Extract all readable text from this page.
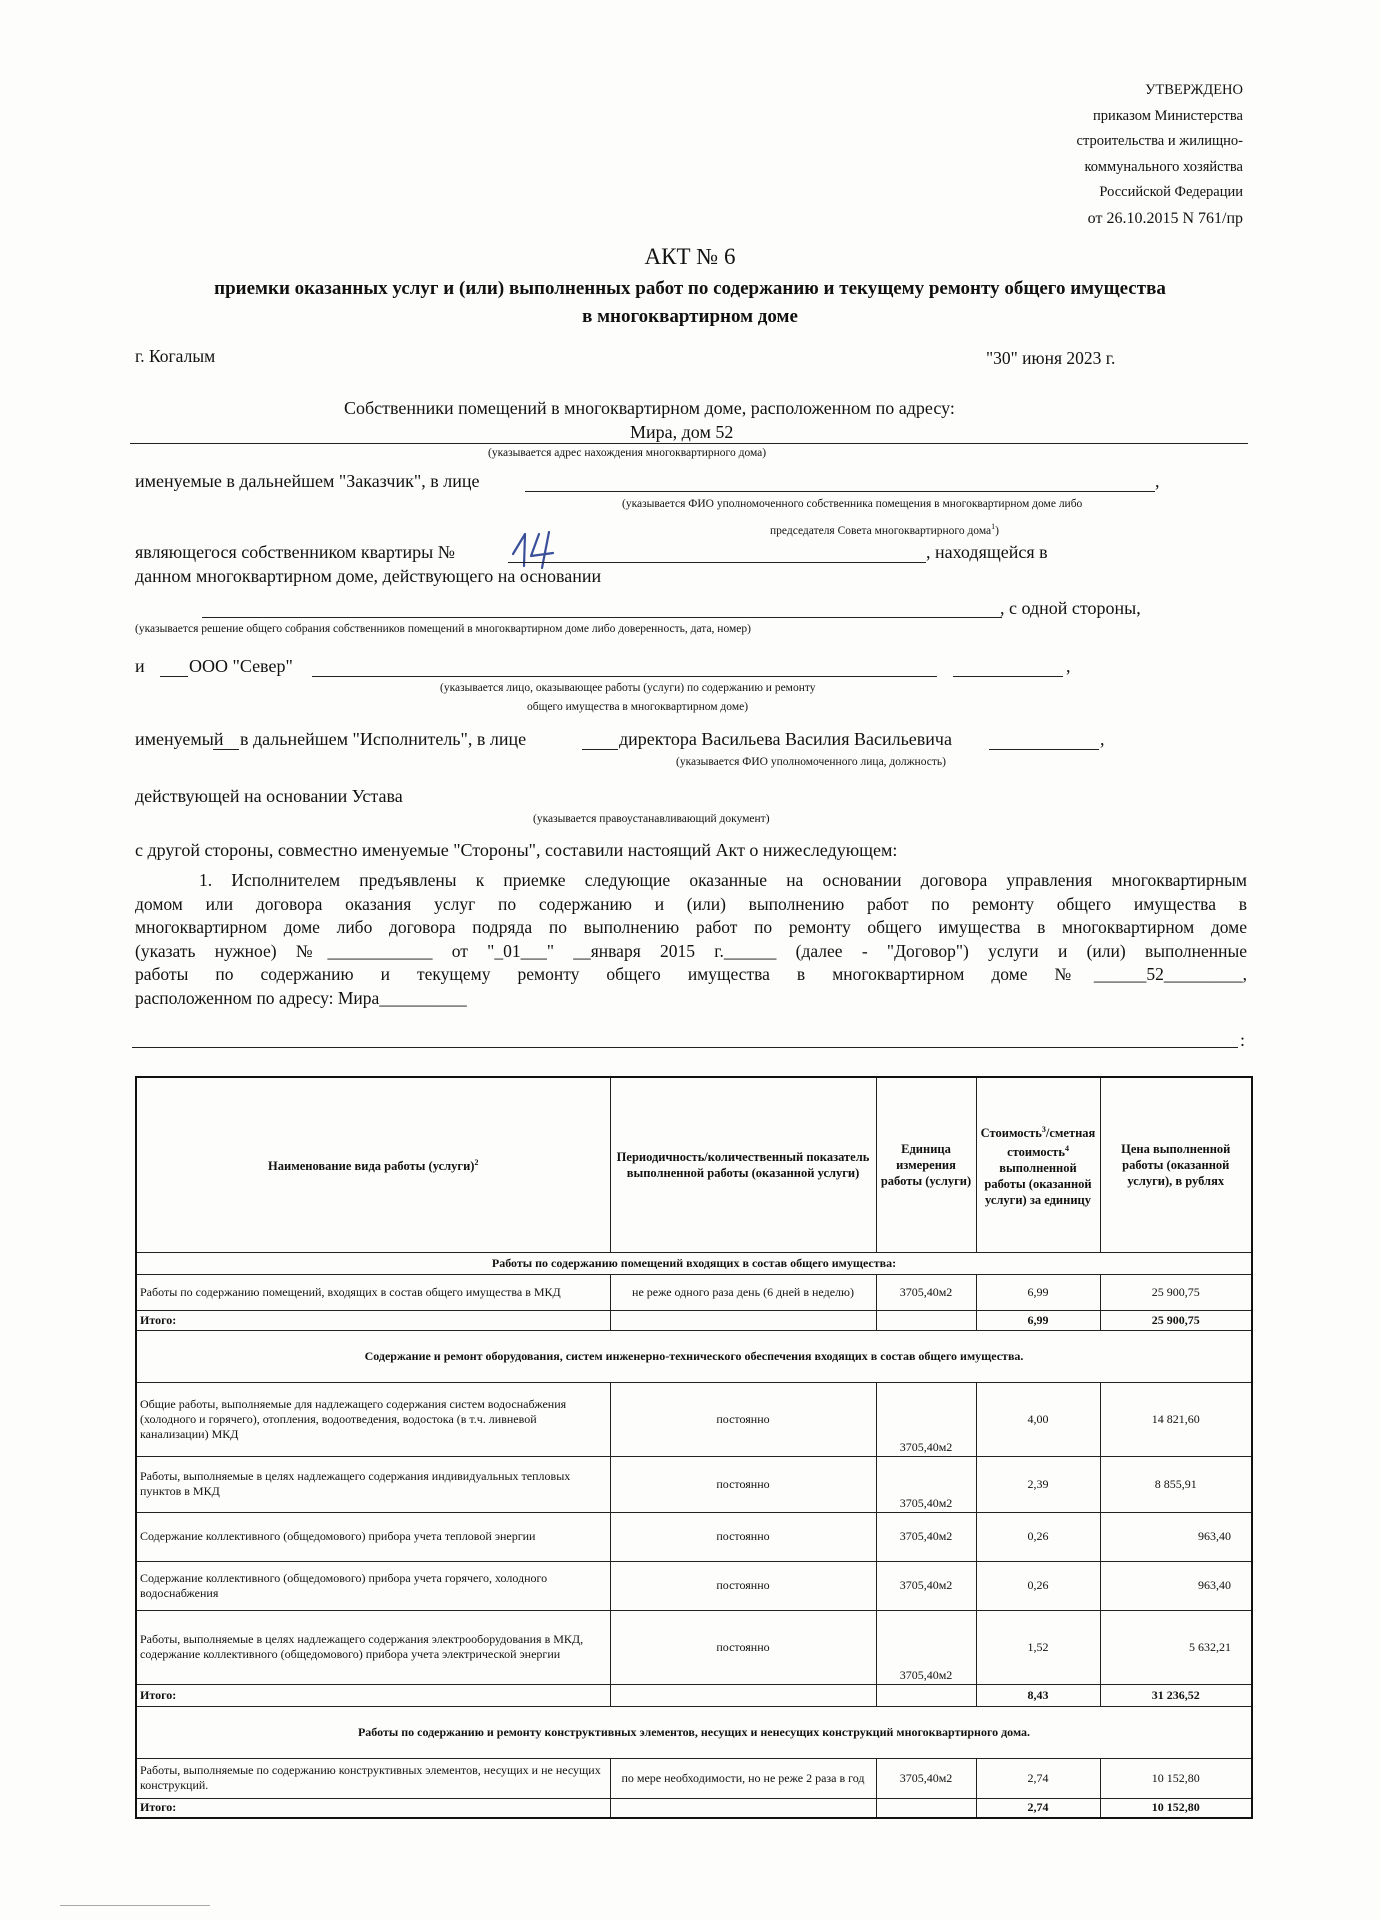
УТВЕРЖДЕНО
приказом Министерства
строительства и жилищно-
коммунального хозяйства
Российской Федерации
от 26.10.2015 N 761/пр
АКТ № 6
приемки оказанных услуг и (или) выполненных работ по содержанию и текущему ремонту общего имущества
в многоквартирном доме
г. Когалым	"30" июня 2023 г.
Собственники помещений в многоквартирном доме, расположенном по адресу:
Мира, дом 52
(указывается адрес нахождения многоквартирного дома)
именуемые в дальнейшем "Заказчик", в лице	,
(указывается ФИО уполномоченного собственника помещения в многоквартирном доме либо
председателя Совета многоквартирного дома$^1$)
являющегося собственником квартиры №	, находящейся в
данном многоквартирном доме, действующего на основании
, с одной стороны,
(указывается решение общего собрания собственников помещений в многоквартирном доме либо доверенность, дата, номер)
и ООО "Север"	,
(указывается лицо, оказывающее работы (услуги) по содержанию и ремонту
общего имущества в многоквартирном доме)
именуемый в дальнейшем "Исполнитель", в лице	директора Васильева Василия Васильевича	,
(указывается ФИО уполномоченного лица, должность)
действующей на основании Устава
(указывается правоустанавливающий документ)
с другой стороны, совместно именуемые "Стороны", составили настоящий Акт о нижеследующем:
1. Исполнителем предъявлены к приемке следующие оказанные на основании договора управления многоквартирным
домом или договора оказания услуг по содержанию и (или) выполнению работ по ремонту общего имущества в
многоквартирном доме либо договора подряда по выполнению работ по ремонту общего имущества в многоквартирном доме
(указать нужное) №____________ от "_01___" __января 2015 г.______ (далее - "Договор") услуги и (или) выполненные
работы по содержанию и текущему ремонту общего имущества в многоквартирном доме №______52_________,
расположенном по адресу: Мира__________
:
Наименование вида работы (услуги)$^2$	Периодичность/количественный показатель выполненной работы (оказанной услуги)	Единица измерения работы (услуги)	Стоимость$^3$/сметная стоимость$^4$ выполненной работы (оказанной услуги) за единицу	Цена выполненной работы (оказанной услуги), в рублях
Работы по содержанию помещений входящих в состав общего имущества:				
Работы по содержанию помещений, входящих в состав общего имущества в МКД	не реже одного раза день (6 дней в неделю)	3705,40м2	6,99	25 900,75
Итого:			6,99	25 900,75
Содержание и ремонт оборудования, систем инженерно-технического обеспечения входящих в состав общего имущества.				
Общие работы, выполняемые для надлежащего содержания систем водоснабжения (холодного и горячего), отопления, водоотведения, водостока (в т.ч. ливневой канализации) МКД	постоянно	3705,40м2	4,00	14 821,60
Работы, выполняемые в целях надлежащего содержания индивидуальных тепловых пунктов в МКД	постоянно	3705,40м2	2,39	8 855,91
Содержание коллективного (общедомового) прибора учета тепловой энергии	постоянно	3705,40м2	0,26	963,40
Содержание коллективного (общедомового) прибора учета горячего, холодного водоснабжения	постоянно	3705,40м2	0,26	963,40
Работы, выполняемые в целях надлежащего содержания электрооборудования в МКД, содержание коллективного (общедомового) прибора учета электрической энергии	постоянно	3705,40м2	1,52	5 632,21
Итого:			8,43	31 236,52
Работы по содержанию и ремонту конструктивных элементов, несущих и ненесущих конструкций многоквартирного дома.				
Работы, выполняемые по содержанию конструктивных элементов, несущих и не несущих конструкций.	по мере необходимости, но не реже 2 раза в год	3705,40м2	2,74	10 152,80
Итого:			2,74	10 152,80
